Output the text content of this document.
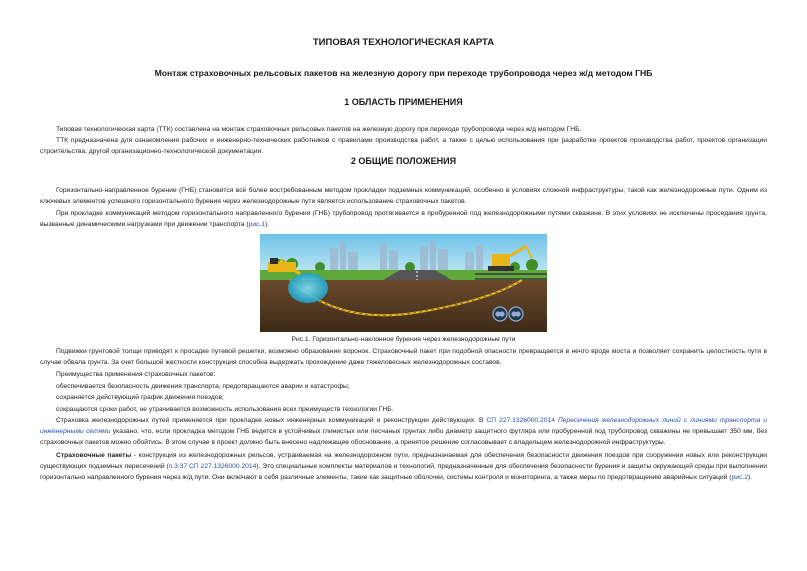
ТИПОВАЯ ТЕХНОЛОГИЧЕСКАЯ КАРТА
Монтаж страховочных рельсовых пакетов на железную дорогу при переходе трубопровода через ж/д методом ГНБ
1 ОБЛАСТЬ ПРИМЕНЕНИЯ

Типовая технологическая карта (ТТК) составлена на монтаж страховочных рельсовых пакетов на железную дорогу при переходе трубопровода через ж/д методом ГНБ.

ТТК предназначена для ознакомления рабочих и инженерно-технических работников с правилами производства работ, а также с целью использования при разработке проектов производства работ, проектов организации строительства, другой организационно-технологической документации.

2 ОБЩИЕ ПОЛОЖЕНИЯ

Горизонтально-направленное бурение (ГНБ) становится всё более востребованным методом прокладки подземных коммуникаций, особенно в условиях сложной инфраструктуры, такой как железнодорожные пути. Одним из ключевых элементов успешного горизонтального бурения через железнодорожные пути является использование страховочных пакетов.

При прокладке коммуникаций методом горизонтального направленного бурения (ГНБ) трубопровод протягивается в пробуренной под железнодорожными путями скважине. В этих условиях не исключены проседания грунта, вызванные динамическими нагрузками при движении транспорта (рис.1).

Рис.1. Горизонтально-наклонное бурение через железнодорожные пути

Подвижки грунтовой толщи приводят к просадке путевой решетки, возможно образование воронок. Страховочный пакет при подобной опасности превращается в нечто вроде моста и позволяет сохранить целостность пути в случае обвала грунта. За счет большой жесткости конструкция способна выдержать прохождение даже тяжеловесных железнодорожных составов.

Преимущества применения страховочных пакетов:

обеспечивается безопасность движения транспорта, предотвращаются аварии и катастрофы;

сохраняется действующий график движения поездов;

сокращаются сроки работ, не утрачивается возможность использования всех преимуществ технологии ГНБ.

Страховка железнодорожных путей применяется при прокладке новых инженерных коммуникаций и реконструкции действующих. В СП 227.1326000.2014 Пересечения железнодорожных линий с линиями транспорта и инженерными сетями указано, что, если прокладка методом ГНБ ведется в устойчивых глинистых или песчаных грунтах либо диаметр защитного футляра или пробуренной под трубопровод скважины не превышает 350 мм, без страховочных пакетов можно обойтись. В этом случае в проект должно быть внесено надлежащее обоснование, а принятое решение согласовывает с владельцем железнодорожной инфраструктуры.

Страховочные пакеты - конструкция из железнодорожных рельсов, устраиваемая на железнодорожном пути, предназначаемая для обеспечения безопасности движения поездов при сооружении новых или реконструкции существующих подземных пересечений (п.3.37 СП 227.1326000.2014). Это специальные комплекты материалов и технологий, предназначенные для обеспечения безопасности бурения и защиты окружающей среды при выполнении горизонтально направленного бурения через ж/д пути. Они включают в себя различные элементы, такие как защитные оболочки, системы контроля и мониторинга, а также меры по предотвращению аварийных ситуаций (рис.2).
